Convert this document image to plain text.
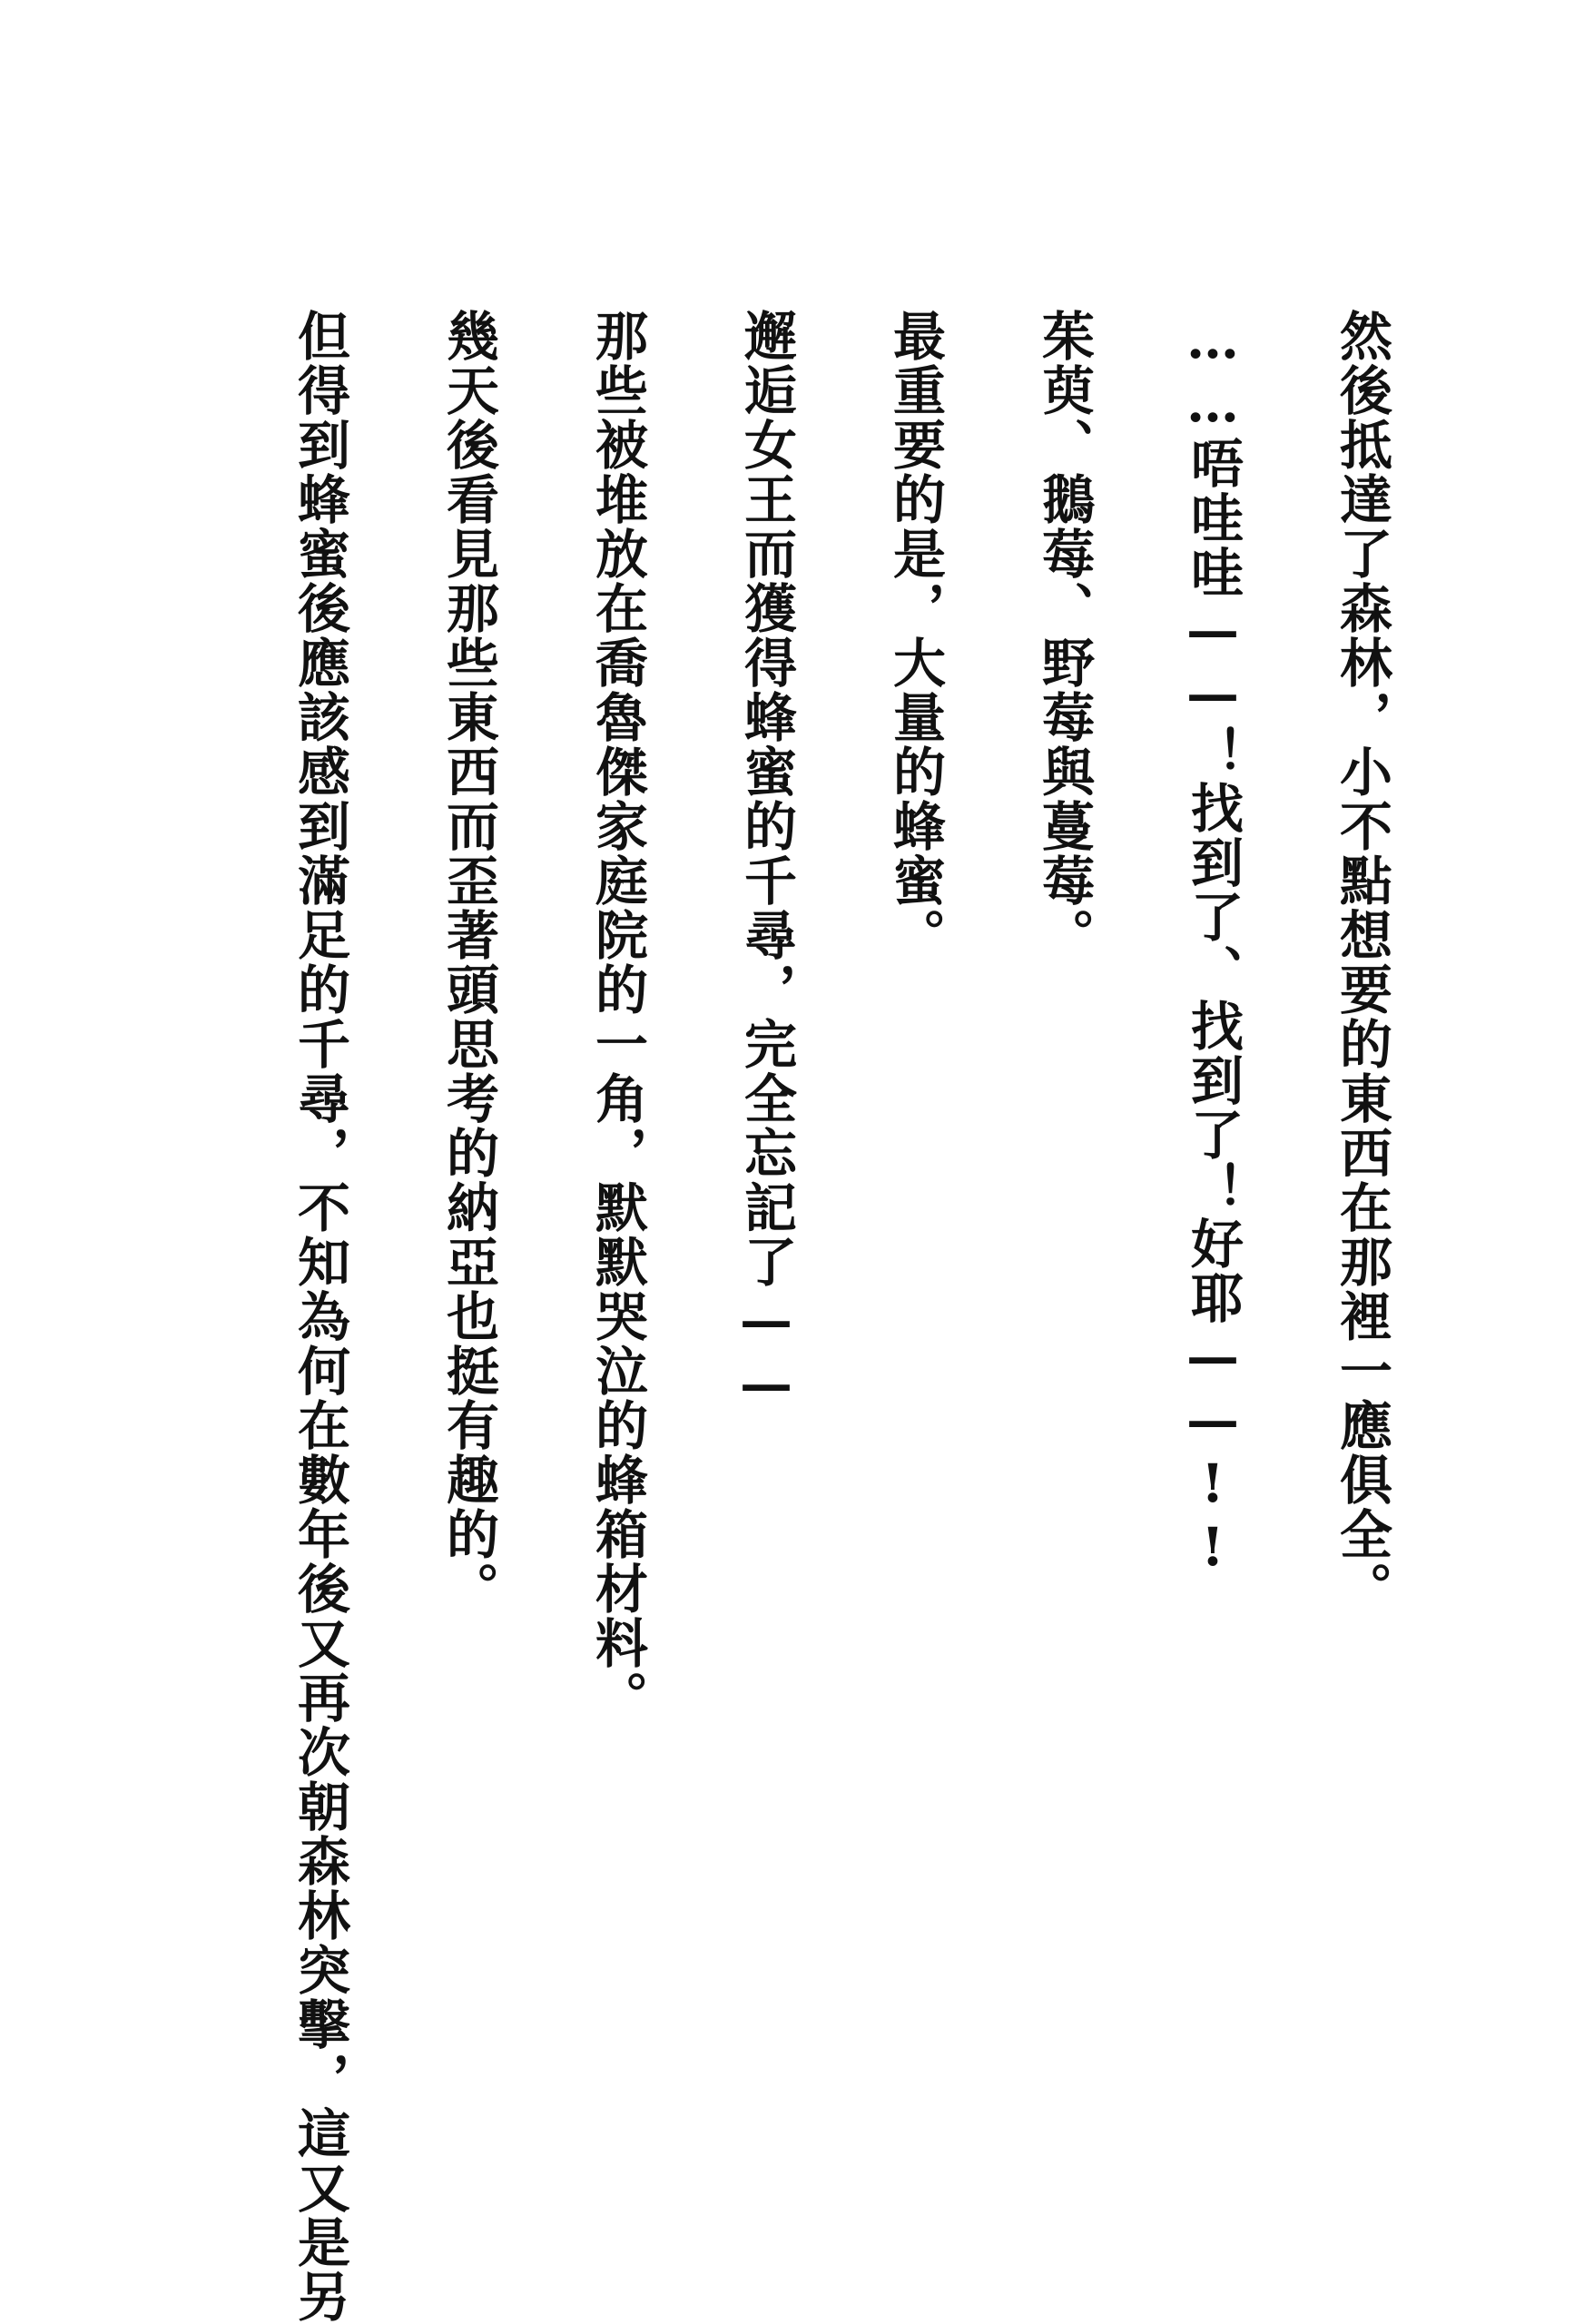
然後抵達了森林，小不點想要的東西在那裡一應俱全。

……唔哇哇——！找到了、找到了！好耶——!!

茱萸、鵝莓、野莓與蔓莓。

最重要的是，大量的蜂蜜。

邂逅女王而獲得蜂蜜的千尋，完全忘記了——

那些被堆放在喬魯傑家庭院的一角，默默哭泣的蜂箱材料。

幾天後看見那些東西而歪著頭思考的納亞也挺有趣的。

但得到蜂蜜後應該感到滿足的千尋，不知為何在數年後又再次朝森林突擊，這又是另
